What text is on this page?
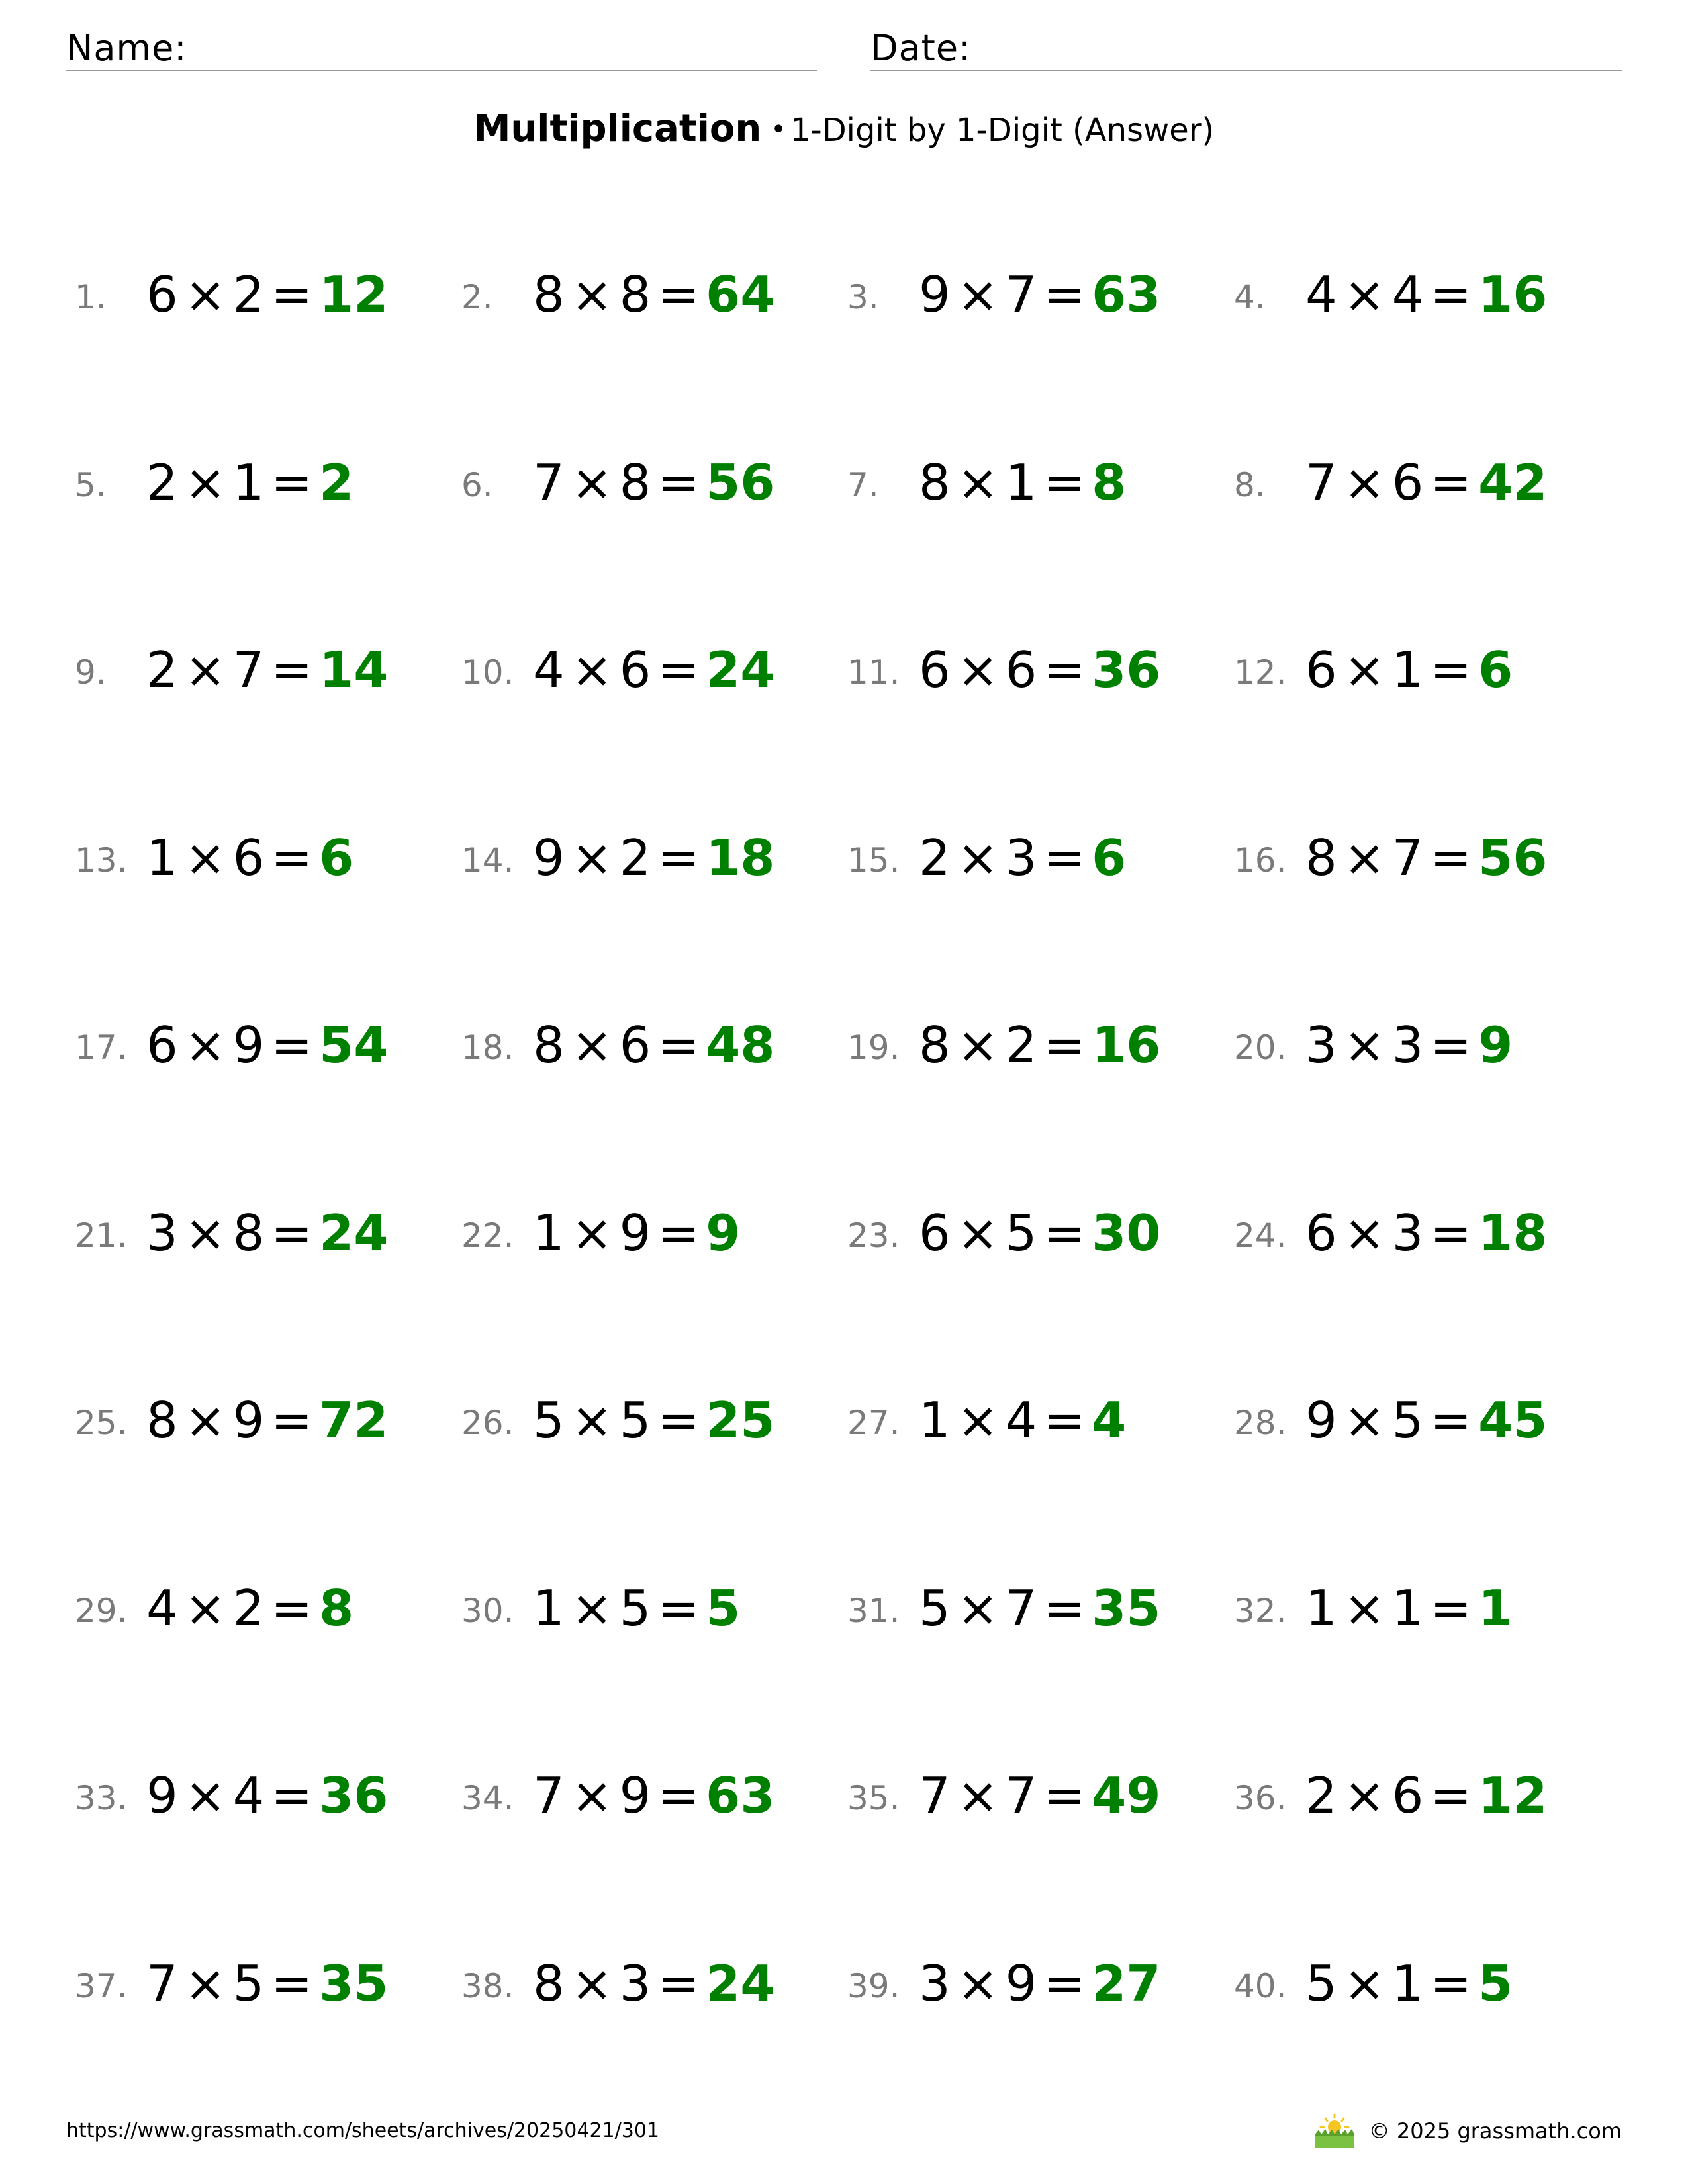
Name:	Date:
Multiplication • 1-Digit by 1-Digit (Answer)
1. 6 × 2 = 12 2. 8 × 8 = 64 3. 9 × 7 = 63 4. 4 × 4 = 16
5. 2 × 1 = 2	6. 7 × 8 = 56 7. 8 × 1 = 8	8. 7 × 6 = 42
9. 2 × 7 = 14 10. 4 × 6 = 24 11. 6 × 6 = 36 12. 6 × 1 = 6
13. 1 × 6 = 6	14. 9 × 2 = 18 15. 2 × 3 = 6	16. 8 × 7 = 56
17. 6 × 9 = 54 18. 8 × 6 = 48 19. 8 × 2 = 16 20. 3 × 3 = 9
21. 3 × 8 = 24 22. 1 × 9 = 9	23. 6 × 5 = 30 24. 6 × 3 = 18
25. 8 × 9 = 72 26. 5 × 5 = 25 27. 1 × 4 = 4	28. 9 × 5 = 45
29. 4 × 2 = 8	30. 1 × 5 = 5	31. 5 × 7 = 35 32. 1 × 1 = 1
33. 9 × 4 = 36 34. 7 × 9 = 63 35. 7 × 7 = 49 36. 2 × 6 = 12
37. 7 × 5 = 35 38. 8 × 3 = 24 39. 3 × 9 = 27 40. 5 × 1 = 5
https://www.grassmath.com/sheets/archives/20250421/301	© 2025 grassmath.com
